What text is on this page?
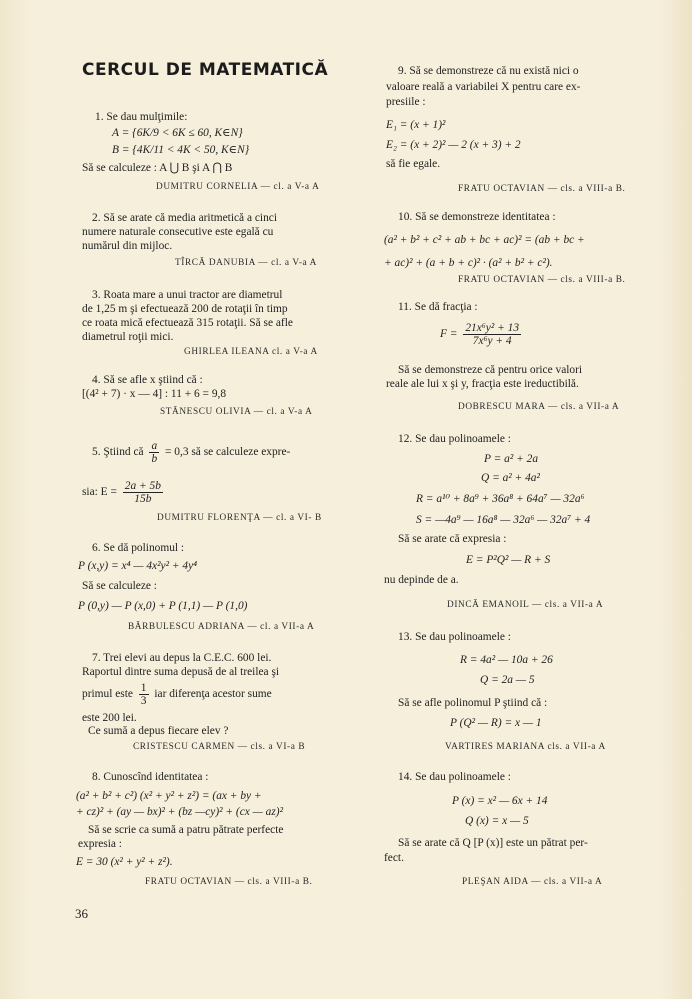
CERCUL DE MATEMATICĂ
1. Se dau mulţimile:
A = {6K/9 < 6K ≤ 60, K∈N}
B = {4K/11 < 4K < 50, K∈N}
Să se calculeze : A ⋃ B şi A ⋂ B
DUMITRU CORNELIA — cl. a V-a A
2. Să se arate că media aritmetică a cinci
numere naturale consecutive este egală cu
numărul din mijloc.
TÎRCĂ DANUBIA — cl. a V-a A
3. Roata mare a unui tractor are diametrul
de 1,25 m şi efectuează 200 de rotaţii în timp
ce roata mică efectuează 315 rotaţii. Să se afle
diametrul roţii mici.
GHIRLEA ILEANA cl. a V-a A
4. Să se afle x ştiind că :
[(4² + 7) · x — 4] : 11 + 6 = 9,8
STĂNESCU OLIVIA — cl. a V-a A
5. Ştiind că $\frac{a}{b} = 0,3$ să se calculeze expre-
sia: $E = \frac{2a + 5b}{15b}$
DUMITRU FLORENŢA — cl. a VI- B
6. Se dă polinomul :
P (x,y) = x⁴ — 4x²y² + 4y⁴
Să se calculeze :
P (0,y) — P (x,0) + P (1,1) — P (1,0)
BĂRBULESCU ADRIANA — cl. a VII-a A
7. Trei elevi au depus la C.E.C. 600 lei.
Raportul dintre suma depusă de al treilea şi
primul este $\frac{1}{3}$ iar diferenţa acestor sume
este 200 lei.
Ce sumă a depus fiecare elev ?
CRISTESCU CARMEN — cls. a VI-a B
8. Cunoscînd identitatea :
(a² + b² + c²) (x² + y² + z²) = (ax + by +
+ cz)² + (ay — bx)² + (bz —cy)² + (cx — az)²
Să se scrie ca sumă a patru pătrate perfecte
expresia :
E = 30 (x² + y² + z²).
FRATU OCTAVIAN — cls. a VIII-a B.
36
9. Să se demonstreze că nu există nici o
valoare reală a variabilei X pentru care ex-
presiile :
E₁ = (x + 1)²
E₂ = (x + 2)² — 2 (x + 3) + 2
să fie egale.
FRATU OCTAVIAN — cls. a VIII-a B.
10. Să se demonstreze identitatea :
(a² + b² + c² + ab + bc + ac)² = (ab + bc +
+ ac)² + (a + b + c)² · (a² + b² + c²).
FRATU OCTAVIAN — cls. a VIII-a B.
11. Se dă fracţia :
$F = \frac{\text{21x⁶y² + 13}}{\text{7x⁶y + 4}}$
Să se demonstreze că pentru orice valori
reale ale lui x şi y, fracţia este ireductibilă.
DOBRESCU MARA — cls. a VII-a A
12. Se dau polinoamele :
P = a² + 2a
Q = a² + 4a²
R = a¹⁰ + 8a⁹ + 36a⁸ + 64a⁷ — 32a⁶
S = —4a⁹ — 16a⁸ — 32a⁶ — 32a⁷ + 4
Să se arate că expresia :
E = P²Q² — R + S
nu depinde de a.
DINCĂ EMANOIL — cls. a VII-a A
13. Se dau polinoamele :
R = 4a² — 10a + 26
Q = 2a — 5
Să se afle polinomul P ştiind că :
P (Q² — R) = x — 1
VARTIRES MARIANA cls. a VII-a A
14. Se dau polinoamele :
P (x) = x² — 6x + 14
Q (x) = x — 5
Să se arate că Q [P (x)] este un pătrat per-
fect.
PLEŞAN AIDA — cls. a VII-a A
